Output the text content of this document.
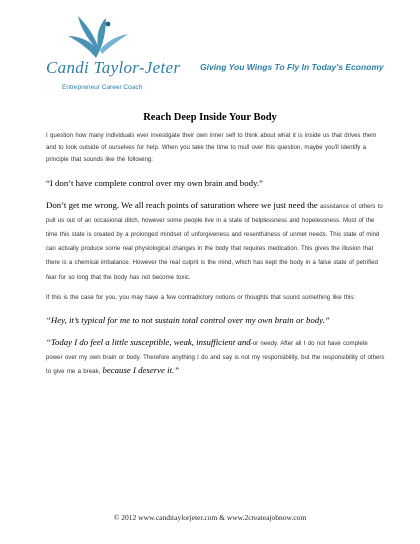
Candi Taylor-Jeter
Entrepreneur Career Coach
Giving You Wings To Fly In Today's Economy
Reach Deep Inside Your Body

I question how many individuals ever investigate their own inner self to think about what it is inside us that drives them and to look outside of ourselves for help. When you take the time to mull over this question, maybe you'll identify a principle that sounds like the following:

“I don’t have complete control over my own brain and body.”

Don’t get me wrong. We all reach points of saturation where we just need the assistance of others to pull us out of an occasional ditch, however some people live in a state of helplessness and hopelessness. Most of the time this state is created by a prolonged mindset of unforgiveness and resentfulness of unmet needs. This state of mind can actually produce some real physiological changes in the body that requires medication. This gives the illusion that there is a chemical imbalance. However the real culprit is the mind, which has kept the body in a false state of petrified fear for so long that the body has not become toxic.

If this is the case for you, you may have a few contradictory notions or thoughts that sound something like this:

“Hey, it’s typical for me to not sustain total control over my own brain or body.”

“Today I do feel a little susceptible, weak, insufficient and-or needy. After all I do not have complete power over my own brain or body. Therefore anything I do and say is not my responsibility, but the responsibility of others to give me a break, because I deserve it.”

© 2012 www.canditaylorjeter.com & www.2createajobnow.com
